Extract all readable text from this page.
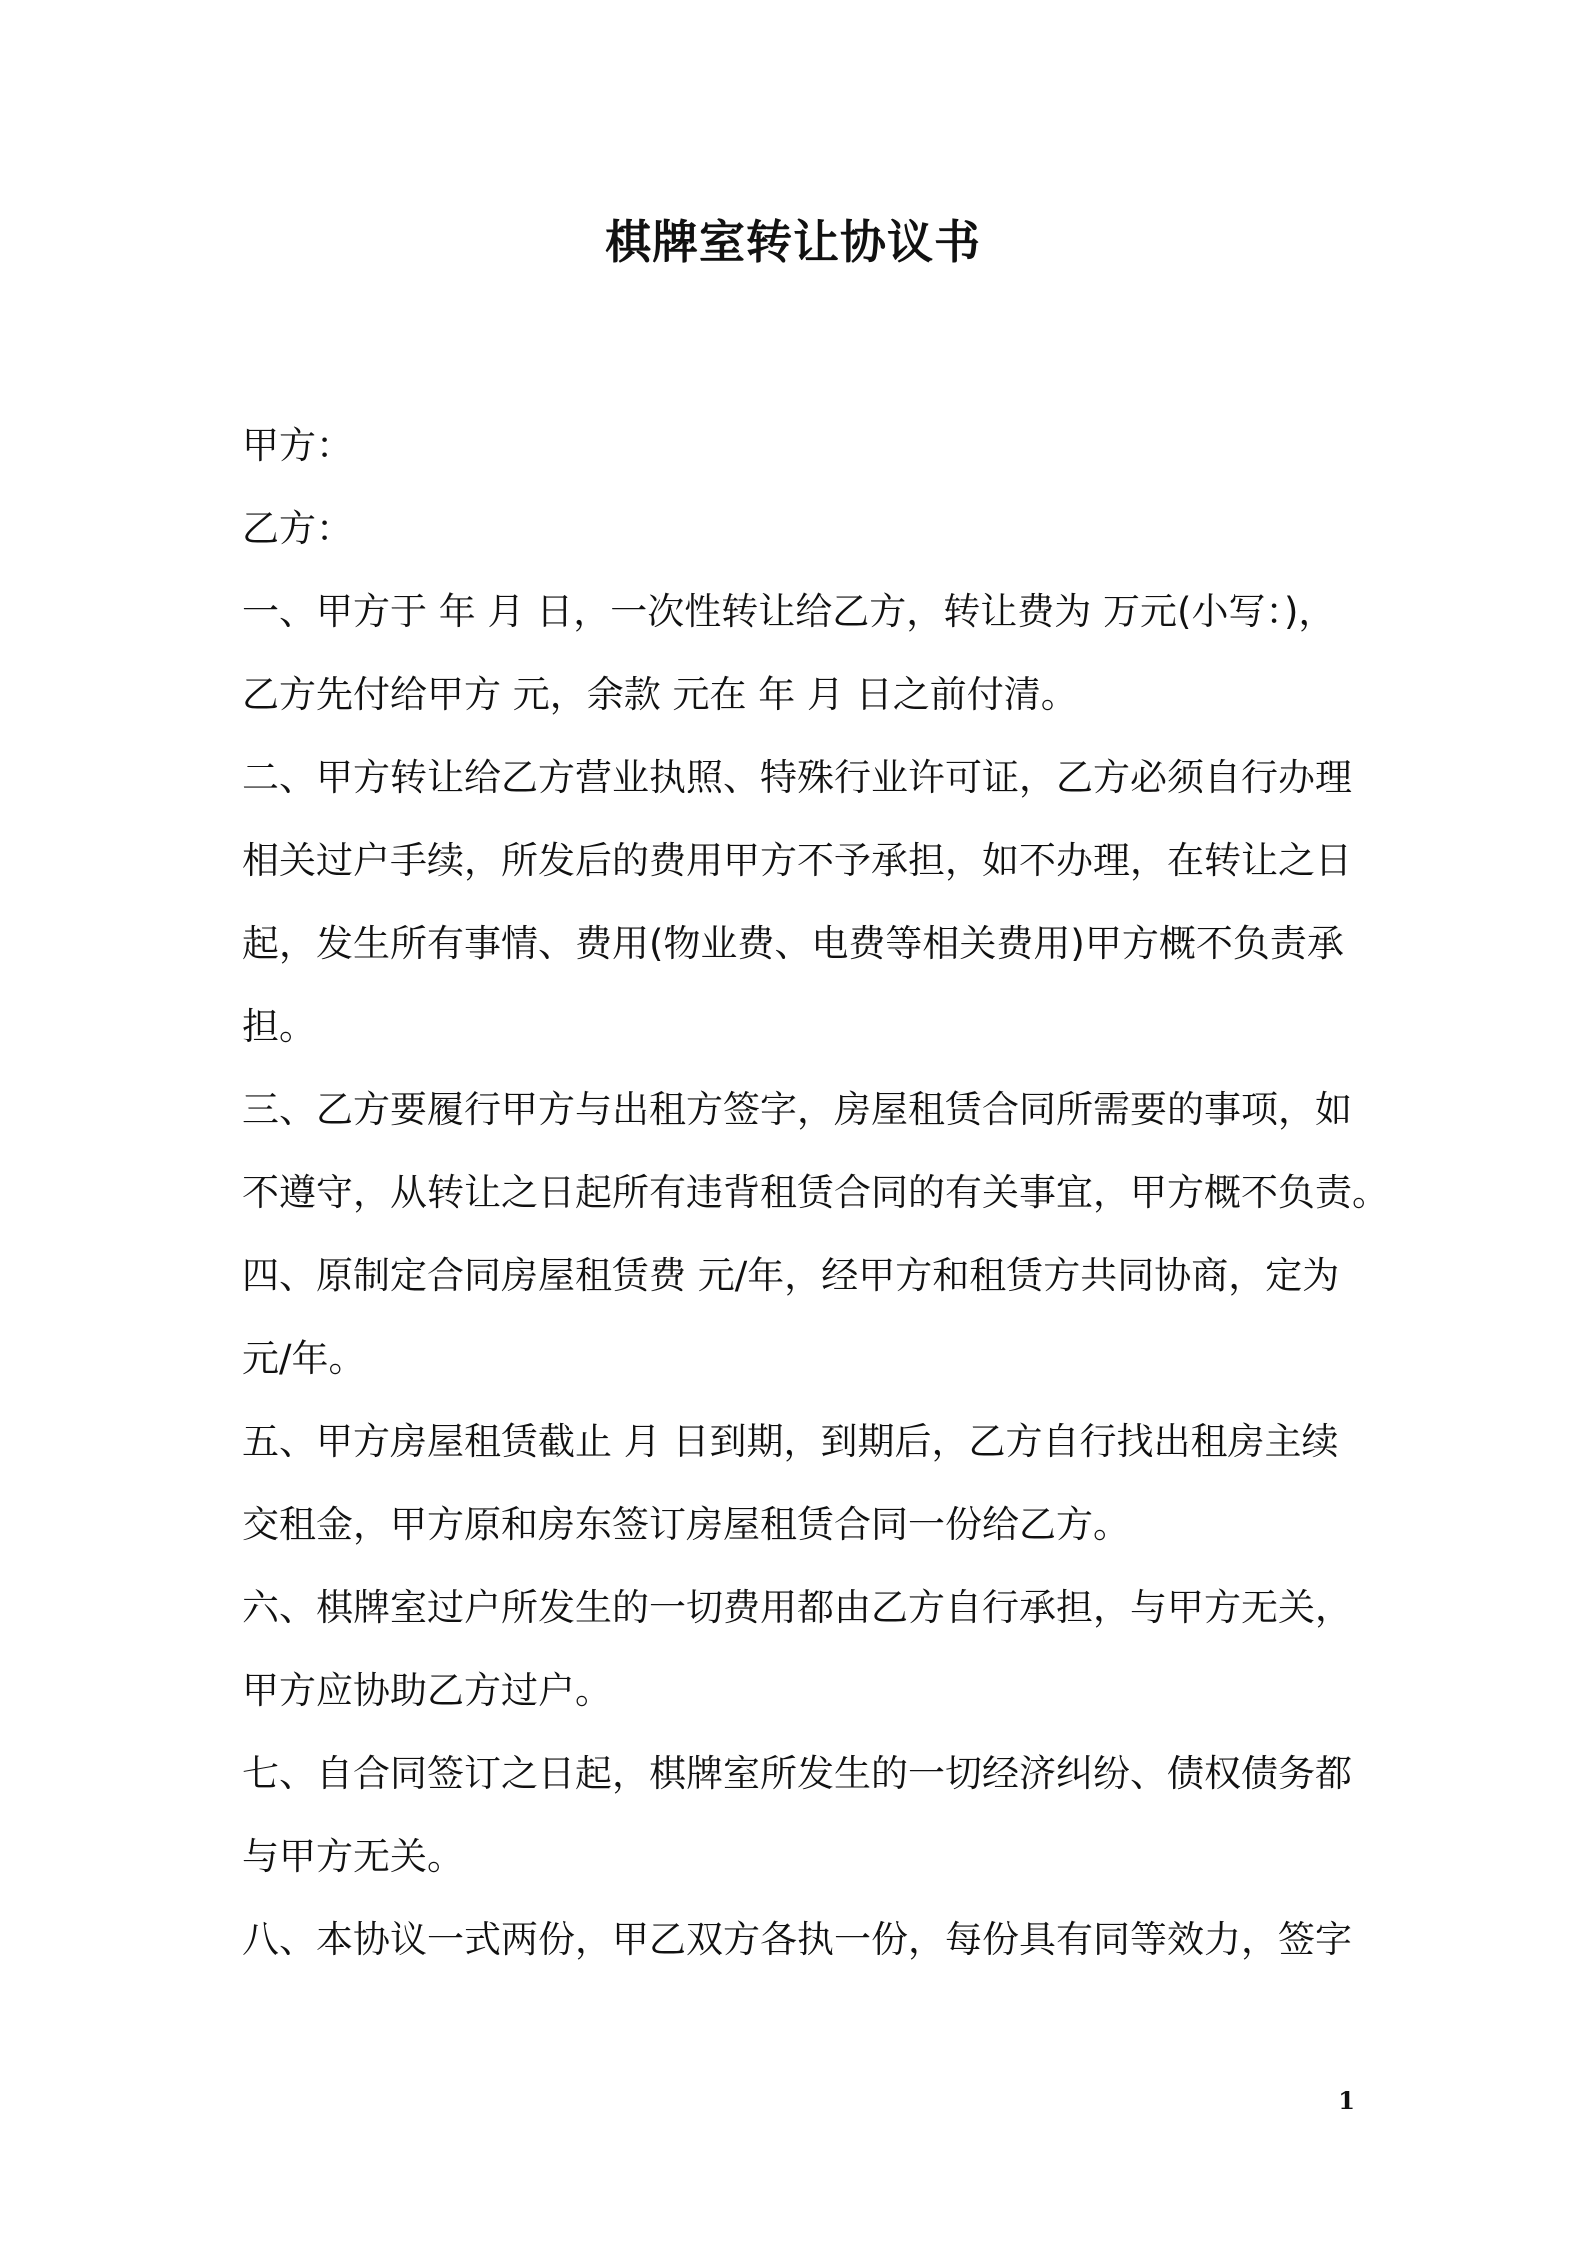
棋牌室转让协议书

甲方：

乙方：

一、甲方于 年 月 日，一次性转让给乙方，转让费为 万元(小写：)，

乙方先付给甲方 元，余款 元在 年 月 日之前付清。

二、甲方转让给乙方营业执照、特殊行业许可证，乙方必须自行办理

相关过户手续，所发后的费用甲方不予承担，如不办理，在转让之日

起，发生所有事情、费用(物业费、电费等相关费用)甲方概不负责承

担。

三、乙方要履行甲方与出租方签字，房屋租赁合同所需要的事项，如

不遵守，从转让之日起所有违背租赁合同的有关事宜，甲方概不负责。

四、原制定合同房屋租赁费 元/年，经甲方和租赁方共同协商，定为

元/年。

五、甲方房屋租赁截止 月 日到期，到期后，乙方自行找出租房主续

交租金，甲方原和房东签订房屋租赁合同一份给乙方。

六、棋牌室过户所发生的一切费用都由乙方自行承担，与甲方无关，

甲方应协助乙方过户。

七、自合同签订之日起，棋牌室所发生的一切经济纠纷、债权债务都

与甲方无关。

八、本协议一式两份，甲乙双方各执一份，每份具有同等效力，签字

1
